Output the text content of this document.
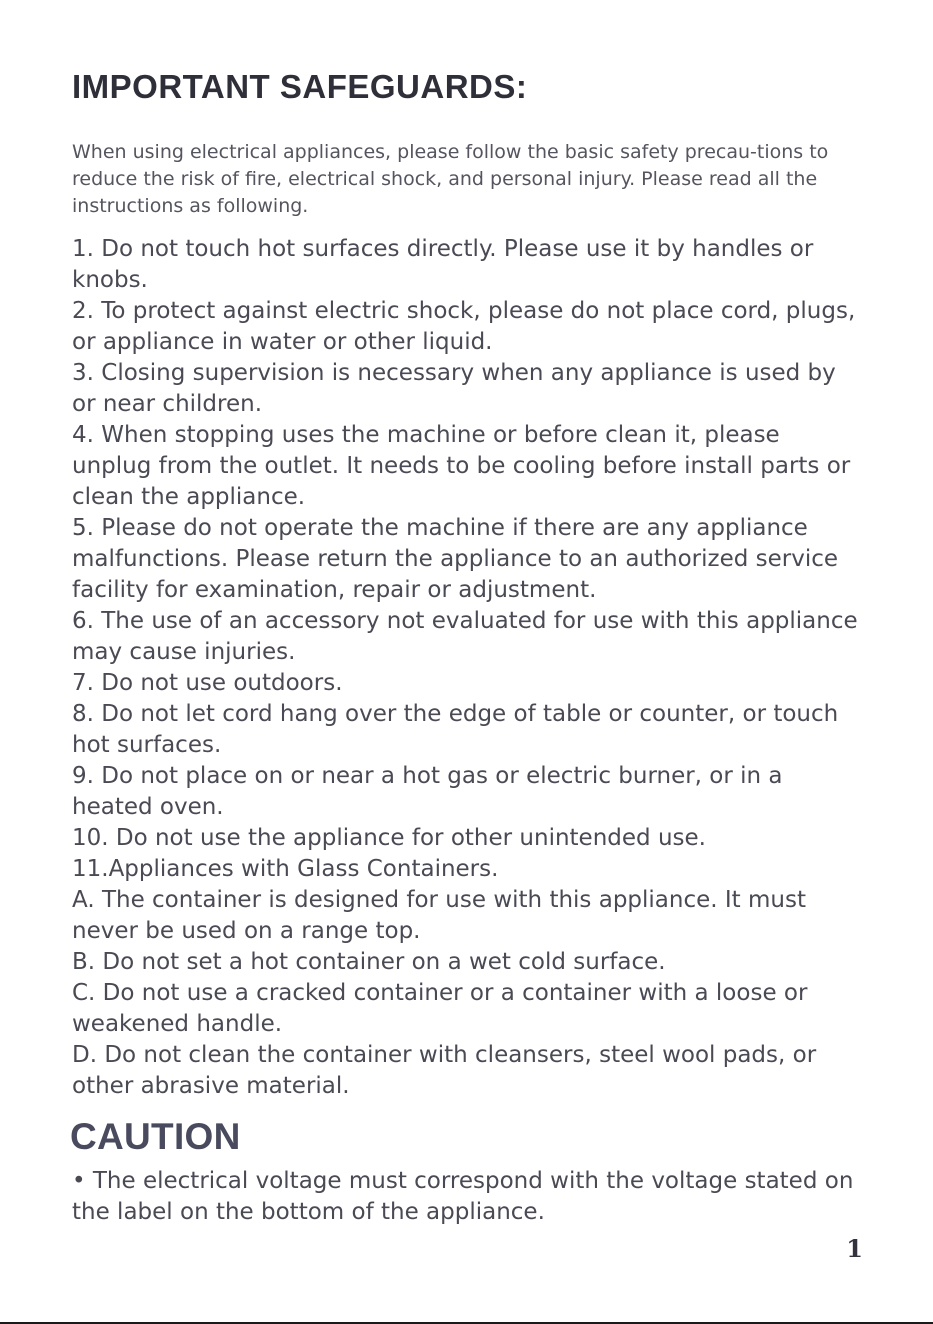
IMPORTANT SAFEGUARDS:

When using electrical appliances, please follow the basic safety precau-tions to reduce the risk of fire, electrical shock, and personal injury. Please read all the instructions as following.

1. Do not touch hot surfaces directly. Please use it by handles or knobs.
2. To protect against electric shock, please do not place cord, plugs, or appliance in water or other liquid.
3. Closing supervision is necessary when any appliance is used by or near children.
4. When stopping uses the machine or before clean it, please unplug from the outlet. It needs to be cooling before install parts or clean the appliance.
5. Please do not operate the machine if there are any appliance malfunctions. Please return the appliance to an authorized service facility for examination, repair or adjustment.
6. The use of an accessory not evaluated for use with this appliance may cause injuries.
7. Do not use outdoors.
8. Do not let cord hang over the edge of table or counter, or touch hot surfaces.
9. Do not place on or near a hot gas or electric burner, or in a heated oven.
10. Do not use the appliance for other unintended use.
11.Appliances with Glass Containers.
A. The container is designed for use with this appliance. It must never be used on a range top.
B. Do not set a hot container on a wet cold surface.
C. Do not use a cracked container or a container with a loose or weakened handle.
D. Do not clean the container with cleansers, steel wool pads, or other abrasive material.
CAUTION

• The electrical voltage must correspond with the voltage stated on the label on the bottom of the appliance.

1
